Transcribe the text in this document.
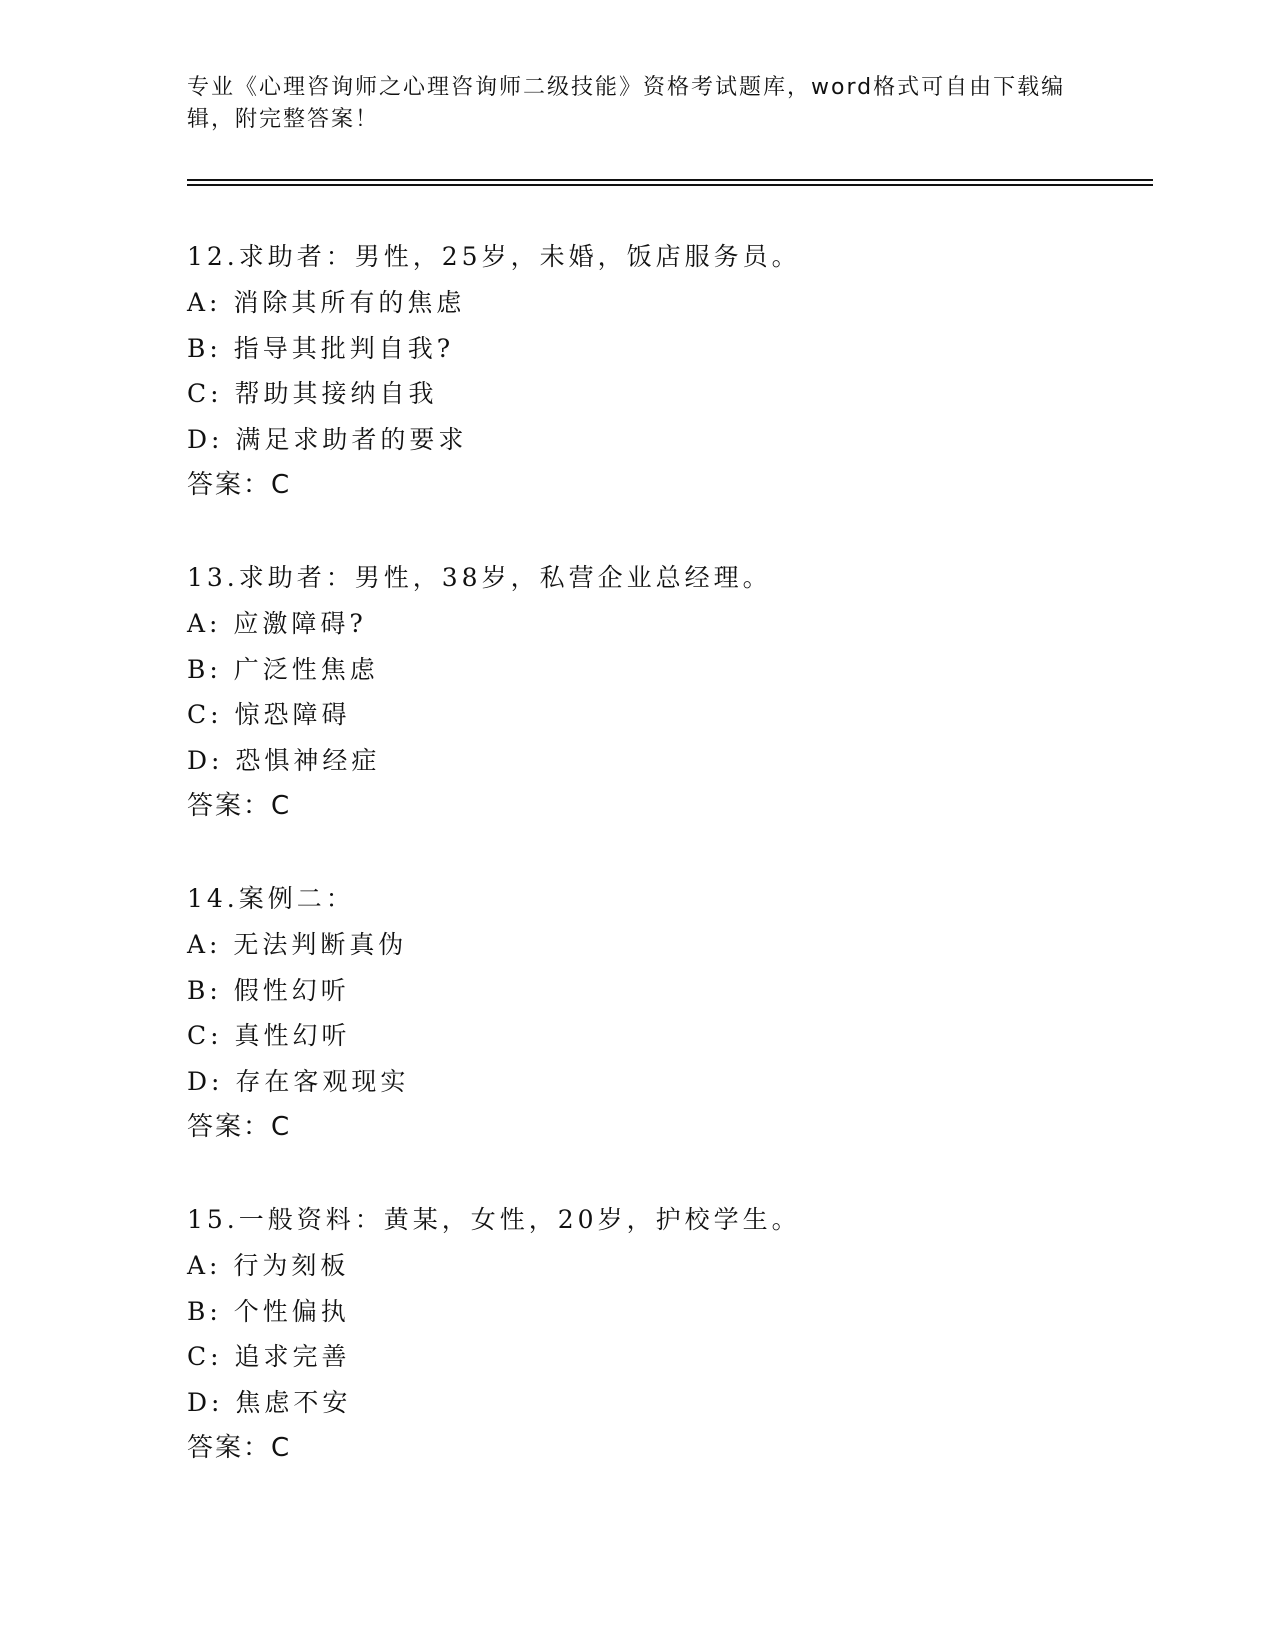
专业《心理咨询师之心理咨询师二级技能》资格考试题库，word格式可自由下载编辑，附完整答案！
12.求助者：男性，25岁，未婚，饭店服务员。
A: 消除其所有的焦虑
B: 指导其批判自我?
C: 帮助其接纳自我
D: 满足求助者的要求
答案：C
13.求助者：男性，38岁，私营企业总经理。
A: 应激障碍?
B: 广泛性焦虑
C: 惊恐障碍
D: 恐惧神经症
答案：C
14.案例二：
A: 无法判断真伪
B: 假性幻听
C: 真性幻听
D: 存在客观现实
答案：C
15.一般资料：黄某，女性，20岁，护校学生。
A: 行为刻板
B: 个性偏执
C: 追求完善
D: 焦虑不安
答案：C
